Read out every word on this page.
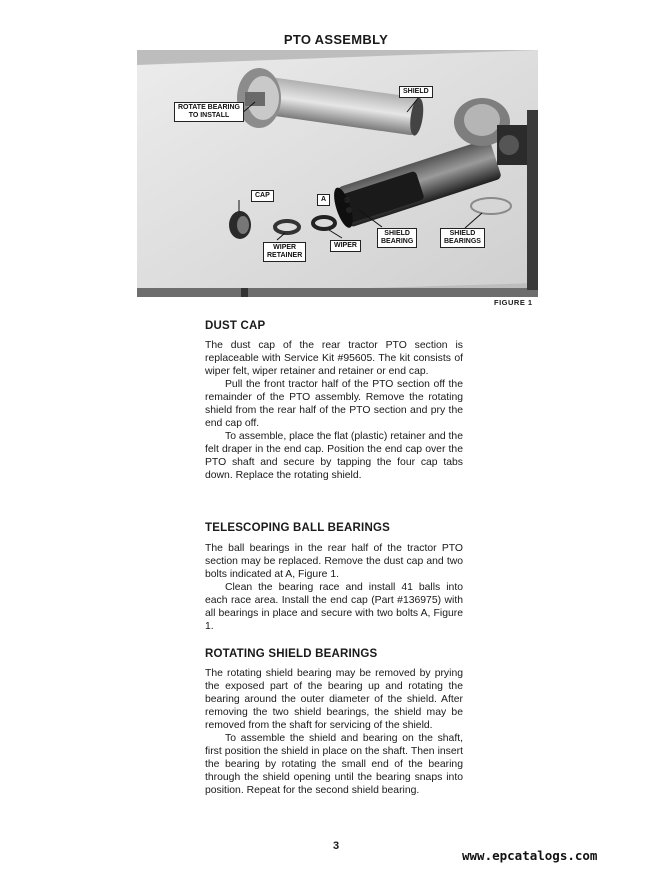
PTO ASSEMBLY
ROTATE BEARING
TO INSTALL
SHIELD
CAP
A
SHIELD
BEARING
SHIELD
BEARINGS
WIPER
RETAINER
WIPER
FIGURE 1
DUST CAP

The dust cap of the rear tractor PTO section is replaceable with Service Kit #95605. The kit consists of wiper felt, wiper retainer and retainer or end cap.

Pull the front tractor half of the PTO section off the remainder of the PTO assembly. Remove the rotating shield from the rear half of the PTO section and pry the end cap off.

To assemble, place the flat (plastic) retainer and the felt draper in the end cap. Position the end cap over the PTO shaft and secure by tapping the four cap tabs down. Replace the rotating shield.

TELESCOPING BALL BEARINGS

The ball bearings in the rear half of the tractor PTO section may be replaced. Remove the dust cap and two bolts indicated at A, Figure 1.

Clean the bearing race and install 41 balls into each race area. Install the end cap (Part #136975) with all bearings in place and secure with two bolts A, Figure 1.

ROTATING SHIELD BEARINGS

The rotating shield bearing may be removed by prying the exposed part of the bearing up and rotating the bearing around the outer diameter of the shield. After removing the two shield bearings, the shield may be removed from the shaft for servicing of the shield.

To assemble the shield and bearing on the shaft, first position the shield in place on the shaft. Then insert the bearing by rotating the small end of the bearing through the shield opening until the bearing snaps into position. Repeat for the second shield bearing.

3
www.epcatalogs.com
